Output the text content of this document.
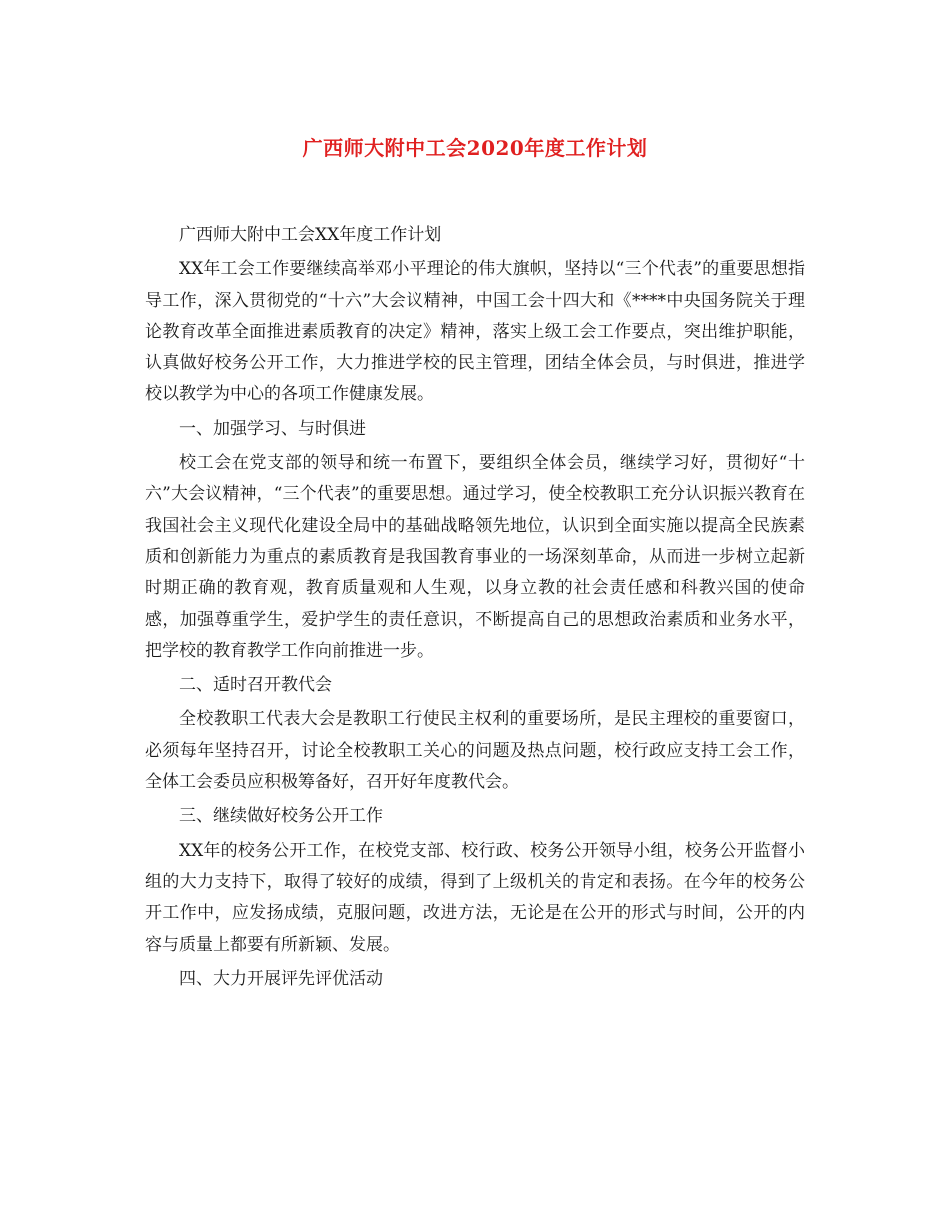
广西师大附中工会2020年度工作计划

广西师大附中工会XX年度工作计划

XX年工会工作要继续高举邓小平理论的伟大旗帜，坚持以“三个代表”的重要思想指导工作，深入贯彻党的“十六”大会议精神，中国工会十四大和《****中央国务院关于理论教育改革全面推进素质教育的决定》精神，落实上级工会工作要点，突出维护职能，认真做好校务公开工作，大力推进学校的民主管理，团结全体会员，与时俱进，推进学校以教学为中心的各项工作健康发展。

一、加强学习、与时俱进

校工会在党支部的领导和统一布置下，要组织全体会员，继续学习好，贯彻好“十六”大会议精神，“三个代表”的重要思想。通过学习，使全校教职工充分认识振兴教育在我国社会主义现代化建设全局中的基础战略领先地位，认识到全面实施以提高全民族素质和创新能力为重点的素质教育是我国教育事业的一场深刻革命，从而进一步树立起新时期正确的教育观，教育质量观和人生观，以身立教的社会责任感和科教兴国的使命感，加强尊重学生，爱护学生的责任意识，不断提高自己的思想政治素质和业务水平，把学校的教育教学工作向前推进一步。

二、适时召开教代会

全校教职工代表大会是教职工行使民主权利的重要场所，是民主理校的重要窗口，必须每年坚持召开，讨论全校教职工关心的问题及热点问题，校行政应支持工会工作，全体工会委员应积极筹备好，召开好年度教代会。

三、继续做好校务公开工作

XX年的校务公开工作，在校党支部、校行政、校务公开领导小组，校务公开监督小组的大力支持下，取得了较好的成绩，得到了上级机关的肯定和表扬。在今年的校务公开工作中，应发扬成绩，克服问题，改进方法，无论是在公开的形式与时间，公开的内容与质量上都要有所新颖、发展。

四、大力开展评先评优活动
